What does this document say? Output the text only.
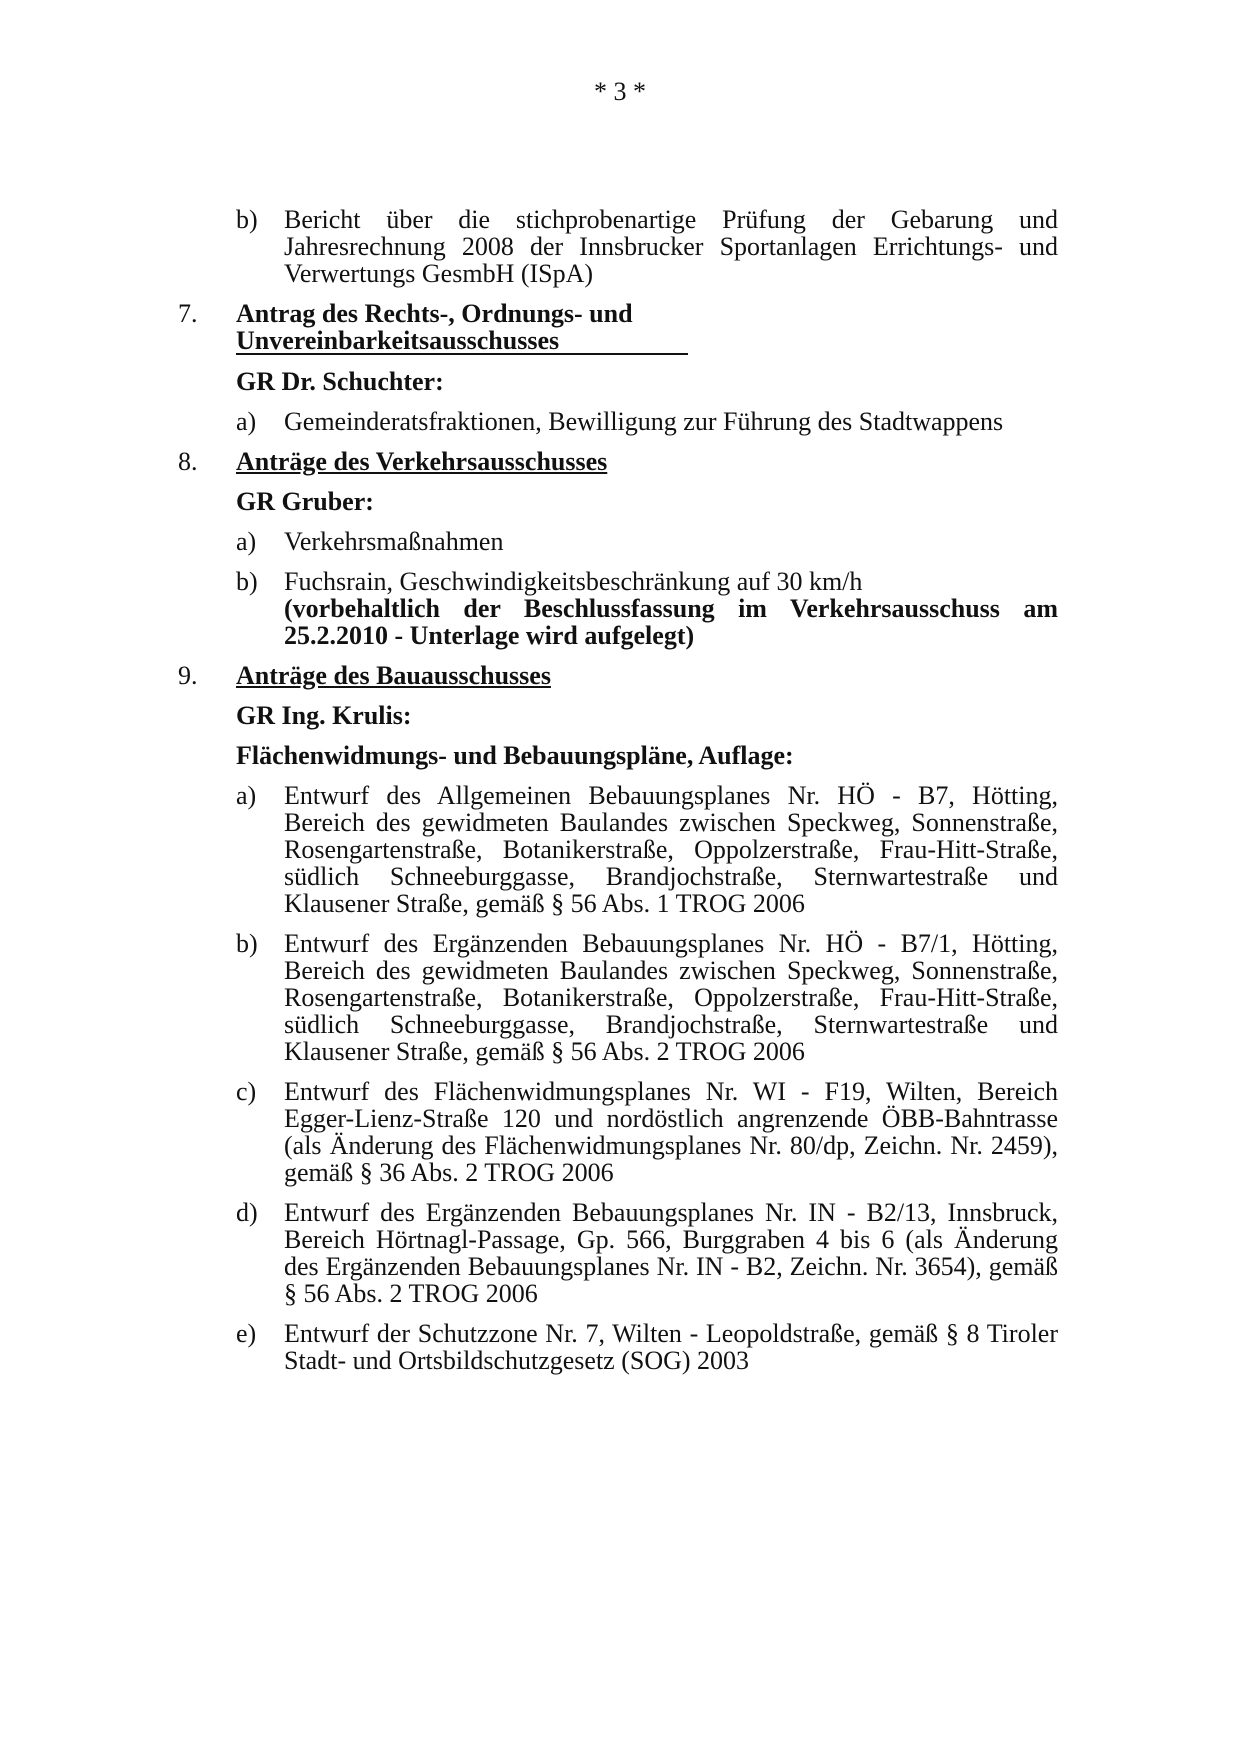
* 3 *
b)	Bericht über die stichprobenartige Prüfung der Gebarung und Jahresrechnung 2008 der Innsbrucker Sportanlagen Errichtungs- und Verwertungs GesmbH (ISpA)
7.	Antrag des Rechts-, Ordnungs- und
Unvereinbarkeitsausschusses
GR Dr. Schuchter:
a)	Gemeinderatsfraktionen, Bewilligung zur Führung des Stadtwappens
8.	Anträge des Verkehrsausschusses
GR Gruber:
a)	Verkehrsmaßnahmen
b)	Fuchsrain, Geschwindigkeitsbeschränkung auf 30 km/h
(vorbehaltlich der Beschlussfassung im Verkehrsausschuss am 25.2.2010 - Unterlage wird aufgelegt)
9.	Anträge des Bauausschusses
GR Ing. Krulis:
Flächenwidmungs- und Bebauungspläne, Auflage:
a)	Entwurf des Allgemeinen Bebauungsplanes Nr. HÖ - B7, Hötting, Bereich des gewidmeten Baulandes zwischen Speckweg, Sonnenstraße, Rosengartenstraße, Botanikerstraße, Oppolzerstraße, Frau-Hitt-Straße, südlich Schneeburggasse, Brandjochstraße, Sternwartestraße und Klausener Straße, gemäß § 56 Abs. 1 TROG 2006
b)	Entwurf des Ergänzenden Bebauungsplanes Nr. HÖ - B7/1, Hötting, Bereich des gewidmeten Baulandes zwischen Speckweg, Sonnenstraße, Rosengartenstraße, Botanikerstraße, Oppolzerstraße, Frau-Hitt-Straße, südlich Schneeburggasse, Brandjochstraße, Sternwartestraße und Klausener Straße, gemäß § 56 Abs. 2 TROG 2006
c)	Entwurf des Flächenwidmungsplanes Nr. WI - F19, Wilten, Bereich Egger-Lienz-Straße 120 und nordöstlich angrenzende ÖBB-Bahntrasse (als Änderung des Flächenwidmungsplanes Nr. 80/dp, Zeichn. Nr. 2459), gemäß § 36 Abs. 2 TROG 2006
d)	Entwurf des Ergänzenden Bebauungsplanes Nr. IN - B2/13, Innsbruck, Bereich Hörtnagl-Passage, Gp. 566, Burggraben 4 bis 6 (als Änderung des Ergänzenden Bebauungsplanes Nr. IN - B2, Zeichn. Nr. 3654), gemäß § 56 Abs. 2 TROG 2006
e)	Entwurf der Schutzzone Nr. 7, Wilten - Leopoldstraße, gemäß § 8 Tiroler Stadt- und Ortsbildschutzgesetz (SOG) 2003
